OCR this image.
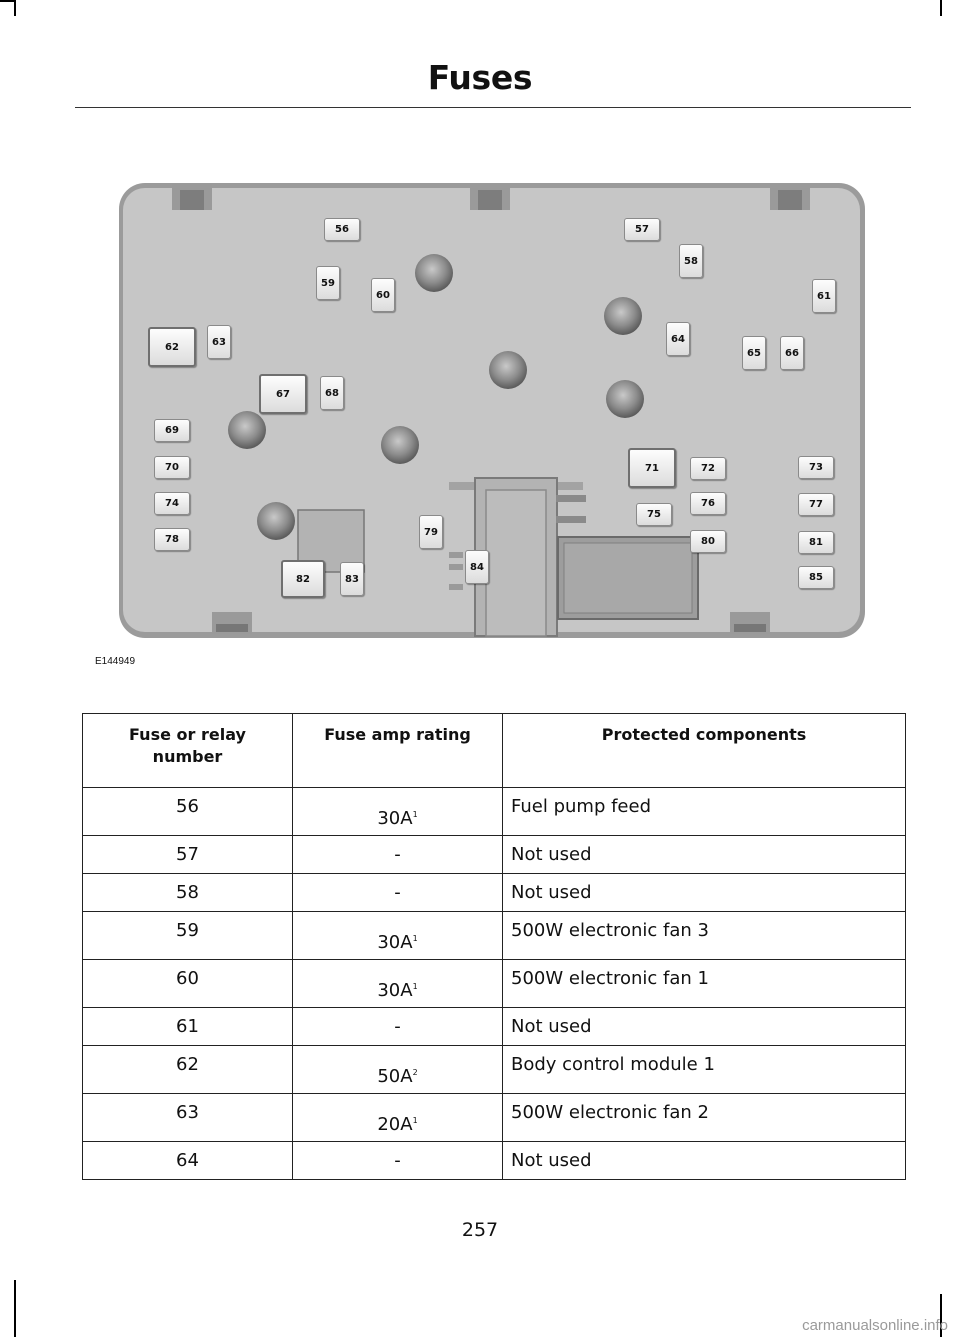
Fuses
56	57
58
59
60	61
62	63	64
65	66
67	68
69
70	71	72	73
74
75
76	77
78
79
80	81
82	83
84
85
E144949
Fuse or relay number	Fuse amp rating	Protected components
56	$30A^1$	Fuel pump feed
57	-	Not used
58	-	Not used
59	$30A^1$	500W electronic fan 3
60	$30A^1$	500W electronic fan 1
61	-	Not used
62	$50A^2$	Body control module 1
63	$20A^1$	500W electronic fan 2
64	-	Not used
257
carmanualsonline.info
